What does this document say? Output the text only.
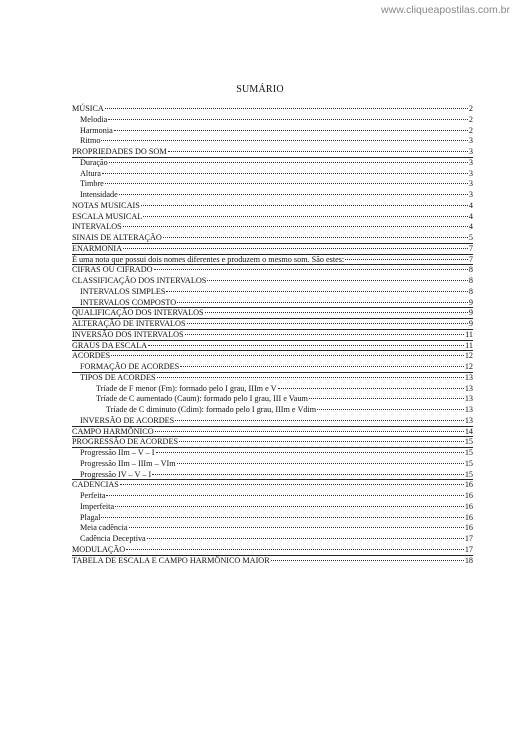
www.cliqueapostilas.com.br
SUMÁRIO
MÚSICA	2
Melodia	2
Harmonia	2
Ritmo	3
PROPRIEDADES DO SOM	3
Duração	3
Altura	3
Timbre	3
Intensidade	3
NOTAS MUSICAIS	4
ESCALA MUSICAL	4
INTERVALOS	4
SINAIS DE ALTERAÇÃO	5
ENARMONIA	7
É uma nota que possui dois nomes diferentes e produzem o mesmo som. São estes:	7
CIFRAS OU CIFRADO	8
CLASSIFICAÇÃO DOS INTERVALOS	8
INTERVALOS SIMPLES	8
INTERVALOS COMPOSTO	9
QUALIFICAÇÃO DOS INTERVALOS	9
ALTERAÇÃO DE INTERVALOS	9
INVERSÃO DOS INTERVALOS	11
GRAUS DA ESCALA	11
ACORDES	12
FORMAÇÃO DE ACORDES	12
TIPOS DE ACORDES	13
Tríade de F menor (Fm): formado pelo I grau, IIIm e V	13
Tríade de C aumentado (Caum): formado pelo I grau, III e Vaum	13
Tríade de C diminuto (Cdim): formado pelo I grau, IIIm e Vdim	13
INVERSÃO DE ACORDES	13
CAMPO HARMÔNICO	14
PROGRESSÃO DE ACORDES	15
Progressão IIm – V – I	15
Progressão IIm – IIIm – VIm	15
Progressão IV – V – I	15
CADENCIAS	16
Perfeita	16
Imperfeita	16
Plagal	16
Meia cadência	16
Cadência Deceptiva	17
MODULAÇÃO	17
TABELA DE ESCALA E CAMPO HARMÔNICO MAIOR	18
